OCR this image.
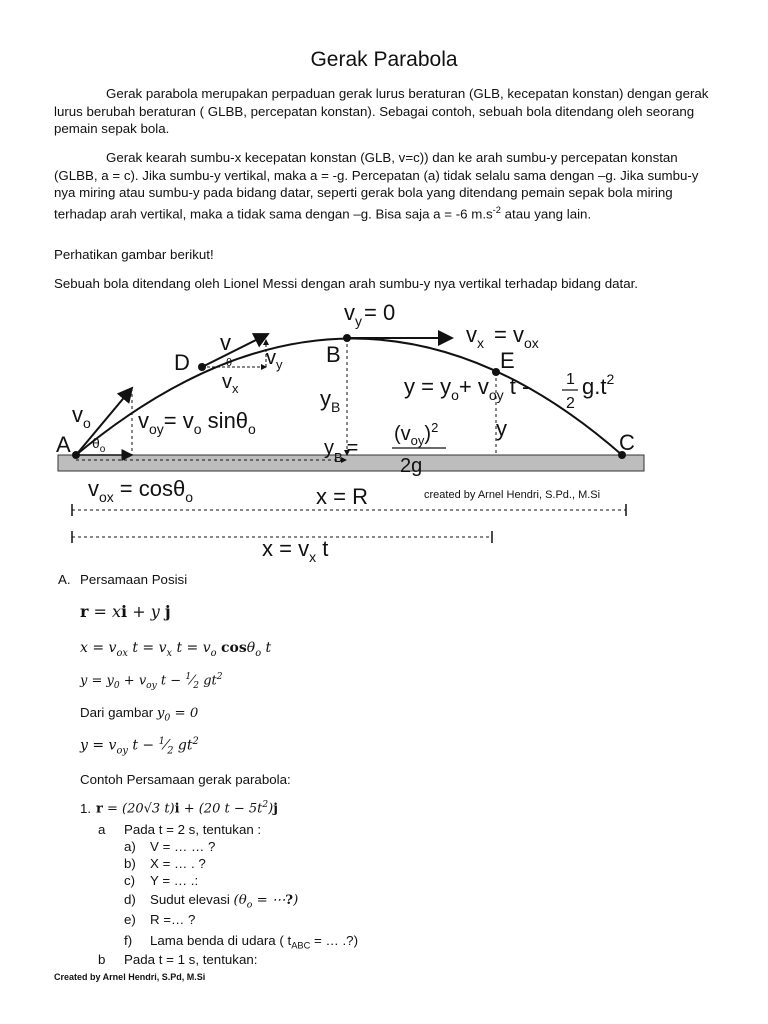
Gerak Parabola

Gerak parabola merupakan perpaduan gerak lurus beraturan (GLB, kecepatan konstan) dengan gerak lurus berubah beraturan ( GLBB, percepatan konstan). Sebagai contoh, sebuah bola ditendang oleh seorang pemain sepak bola.

Gerak kearah sumbu-x kecepatan konstan (GLB, v=c)) dan ke arah sumbu-y percepatan konstan (GLBB, a = c). Jika sumbu-y vertikal, maka a = -g. Percepatan (a) tidak selalu sama dengan –g. Jika sumbu-y nya miring atau sumbu-y pada bidang datar, seperti gerak bola yang ditendang pemain sepak bola miring terhadap arah vertikal, maka a tidak sama dengan –g. Bisa saja a = -6 $m.s^{-2}$ atau yang lain.

Perhatikan gambar berikut!

Sebuah bola ditendang oleh Lionel Messi dengan arah sumbu-y nya vertikal terhadap bidang datar.

A
D	B	E
C
$v_y= 0$
$v_x = v_{ox}$
v
θ $v_y$
$v_x$
$v_o$
$\theta_o$
$v_{oy}= v_o$ sinθ$_o$
$y_B$
$y = y_o+ v_{oy}$ t - 1
2
$g.t^2$
y
$y_B$ =
$(v_{oy})^2$
2g
$v_{ox} = \cos\theta_o$	x = R	created by Arnel Hendri, S.Pd., M.Si
$x = v_x$ t
A. Persamaan Posisi
r = xi + y j
$x = v_{ox}$ $t = v_x$ $t = v_o$ cosθ$_o$ t
$y = y_0 + v_{oy}$ $t - ^1⁄_2$ $gt^2$
Dari gambar $y_0 = 0$
$y = v_{oy}$ $t - ^1⁄_2$ $gt^2$
Contoh Persamaan gerak parabola:
1. r = (20√3 t)i + (20 $t - 5t^2)j$
a Pada t = 2 s, tentukan :
a) V = … … ?
b) X = … . ?
c) Y = … .:
d) Sudut elevasi ($\theta_o$ = ⋯?)
e) R =… ?
f) Lama benda di udara ( $t_{ABC}$ = … .?)
b Pada t = 1 s, tentukan:
Created by Arnel Hendri, S.Pd, M.Si
